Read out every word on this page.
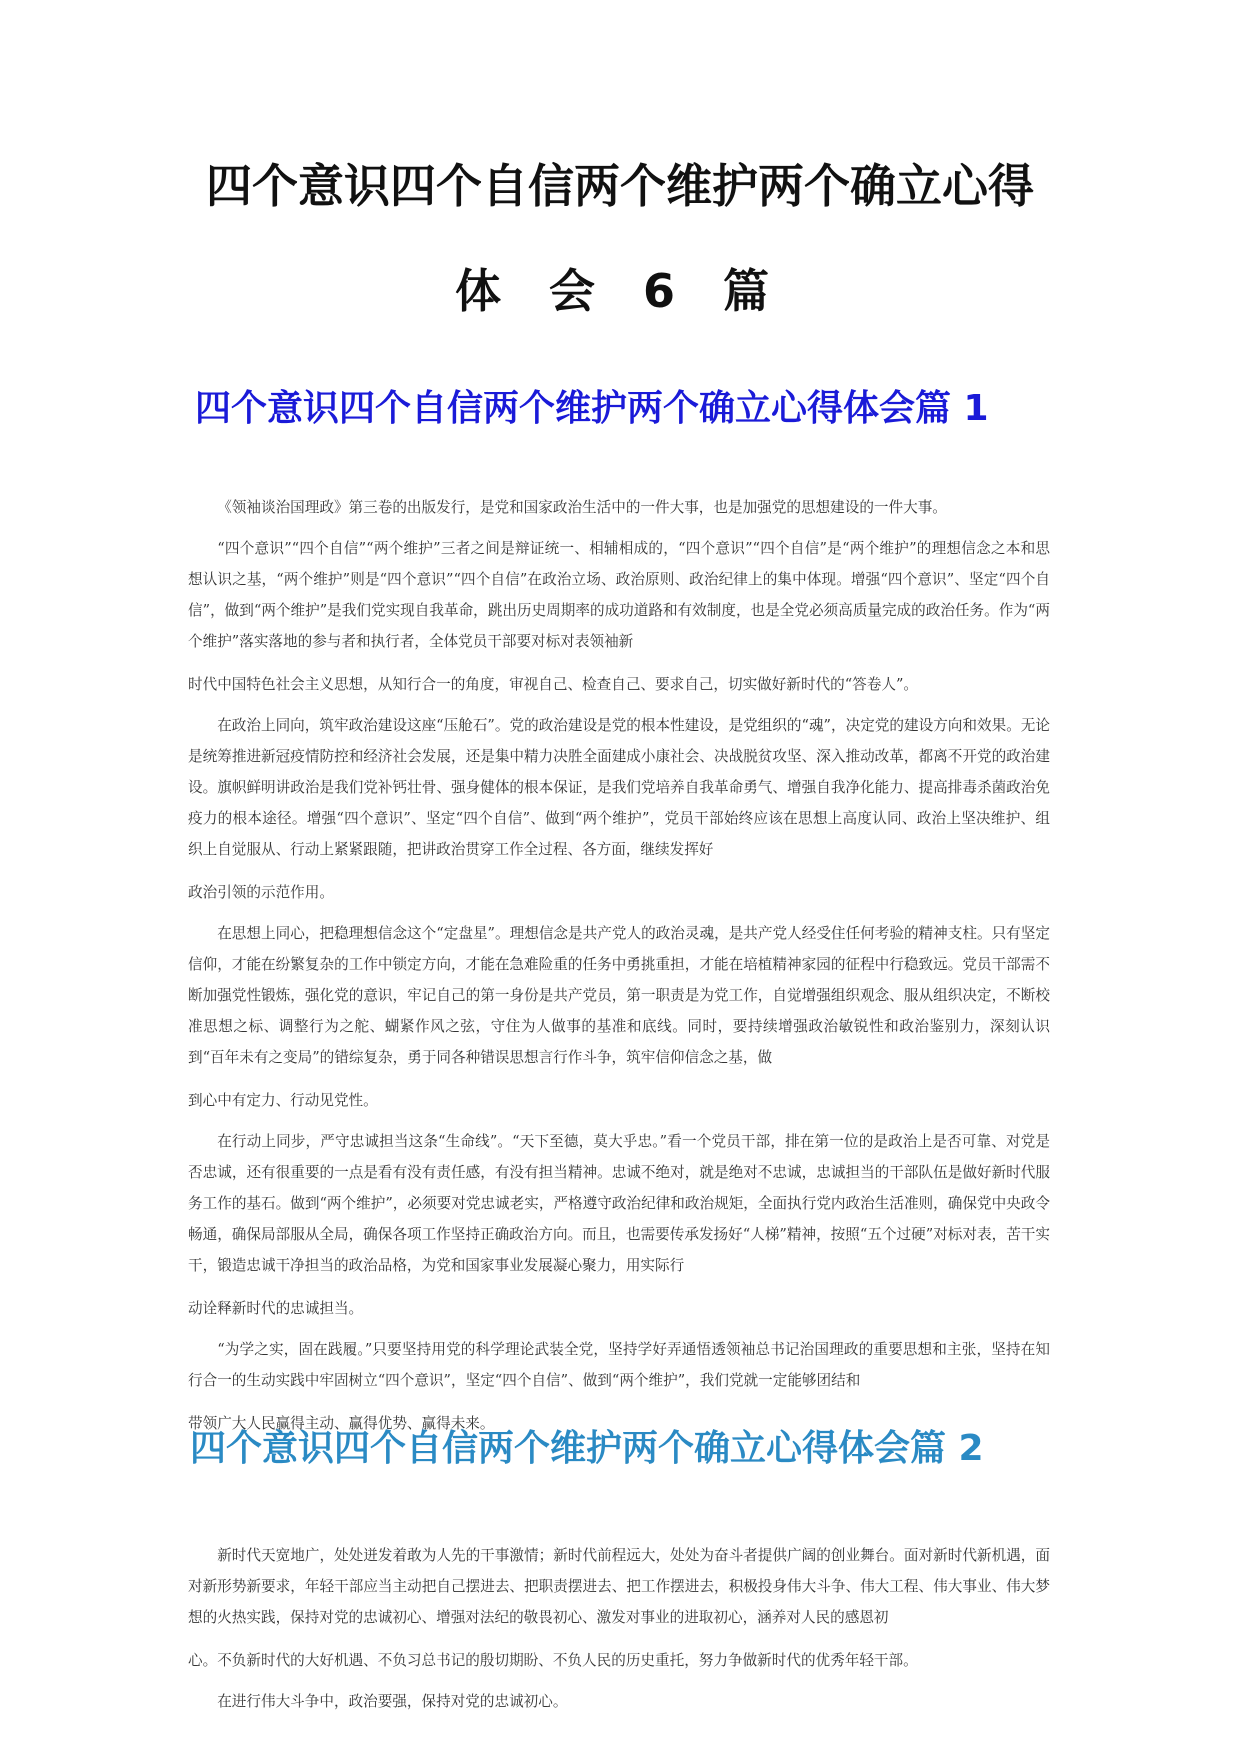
四个意识四个自信两个维护两个确立心得
体 会 6 篇
四个意识四个自信两个维护两个确立心得体会篇 1

《领袖谈治国理政》第三卷的出版发行，是党和国家政治生活中的一件大事，也是加强党的思想建设的一件大事。

“四个意识”“四个自信”“两个维护”三者之间是辩证统一、相辅相成的，“四个意识”“四个自信”是“两个维护”的理想信念之本和思想认识之基，“两个维护”则是“四个意识”“四个自信”在政治立场、政治原则、政治纪律上的集中体现。增强“四个意识”、坚定“四个自信”，做到“两个维护”是我们党实现自我革命，跳出历史周期率的成功道路和有效制度，也是全党必须高质量完成的政治任务。作为“两个维护”落实落地的参与者和执行者，全体党员干部要对标对表领袖新

时代中国特色社会主义思想，从知行合一的角度，审视自己、检查自己、要求自己，切实做好新时代的“答卷人”。

在政治上同向，筑牢政治建设这座“压舱石”。党的政治建设是党的根本性建设，是党组织的“魂”，决定党的建设方向和效果。无论是统筹推进新冠疫情防控和经济社会发展，还是集中精力决胜全面建成小康社会、决战脱贫攻坚、深入推动改革，都离不开党的政治建设。旗帜鲜明讲政治是我们党补钙壮骨、强身健体的根本保证，是我们党培养自我革命勇气、增强自我净化能力、提高排毒杀菌政治免疫力的根本途径。增强“四个意识”、坚定“四个自信”、做到“两个维护”，党员干部始终应该在思想上高度认同、政治上坚决维护、组织上自觉服从、行动上紧紧跟随，把讲政治贯穿工作全过程、各方面，继续发挥好

政治引领的示范作用。

在思想上同心，把稳理想信念这个“定盘星”。理想信念是共产党人的政治灵魂，是共产党人经受住任何考验的精神支柱。只有坚定信仰，才能在纷繁复杂的工作中锁定方向，才能在急难险重的任务中勇挑重担，才能在培植精神家园的征程中行稳致远。党员干部需不断加强党性锻炼，强化党的意识，牢记自己的第一身份是共产党员，第一职责是为党工作，自觉增强组织观念、服从组织决定，不断校准思想之标、调整行为之舵、蝴紧作风之弦，守住为人做事的基准和底线。同时，要持续增强政治敏锐性和政治鉴别力，深刻认识到“百年未有之变局”的错综复杂，勇于同各种错误思想言行作斗争，筑牢信仰信念之基，做

到心中有定力、行动见党性。

在行动上同步，严守忠诚担当这条“生命线”。“天下至德，莫大乎忠。”看一个党员干部，排在第一位的是政治上是否可靠、对党是否忠诚，还有很重要的一点是看有没有责任感，有没有担当精神。忠诚不绝对，就是绝对不忠诚，忠诚担当的干部队伍是做好新时代服务工作的基石。做到“两个维护”，必须要对党忠诚老实，严格遵守政治纪律和政治规矩，全面执行党内政治生活准则，确保党中央政令畅通，确保局部服从全局，确保各项工作坚持正确政治方向。而且，也需要传承发扬好“人梯”精神，按照“五个过硬”对标对表，苦干实干，锻造忠诚干净担当的政治品格，为党和国家事业发展凝心聚力，用实际行

动诠释新时代的忠诚担当。

“为学之实，固在践履。”只要坚持用党的科学理论武装全党，坚持学好弄通悟透领袖总书记治国理政的重要思想和主张，坚持在知行合一的生动实践中牢固树立“四个意识”，坚定“四个自信”、做到“两个维护”，我们党就一定能够团结和

带领广大人民赢得主动、赢得优势、赢得未来。

四个意识四个自信两个维护两个确立心得体会篇 2

新时代天宽地广，处处迸发着敢为人先的干事激情；新时代前程远大，处处为奋斗者提供广阔的创业舞台。面对新时代新机遇，面对新形势新要求，年轻干部应当主动把自己摆进去、把职责摆进去、把工作摆进去，积极投身伟大斗争、伟大工程、伟大事业、伟大梦想的火热实践，保持对党的忠诚初心、增强对法纪的敬畏初心、激发对事业的进取初心，涵养对人民的感恩初

心。不负新时代的大好机遇、不负习总书记的殷切期盼、不负人民的历史重托，努力争做新时代的优秀年轻干部。

在进行伟大斗争中，政治要强，保持对党的忠诚初心。
